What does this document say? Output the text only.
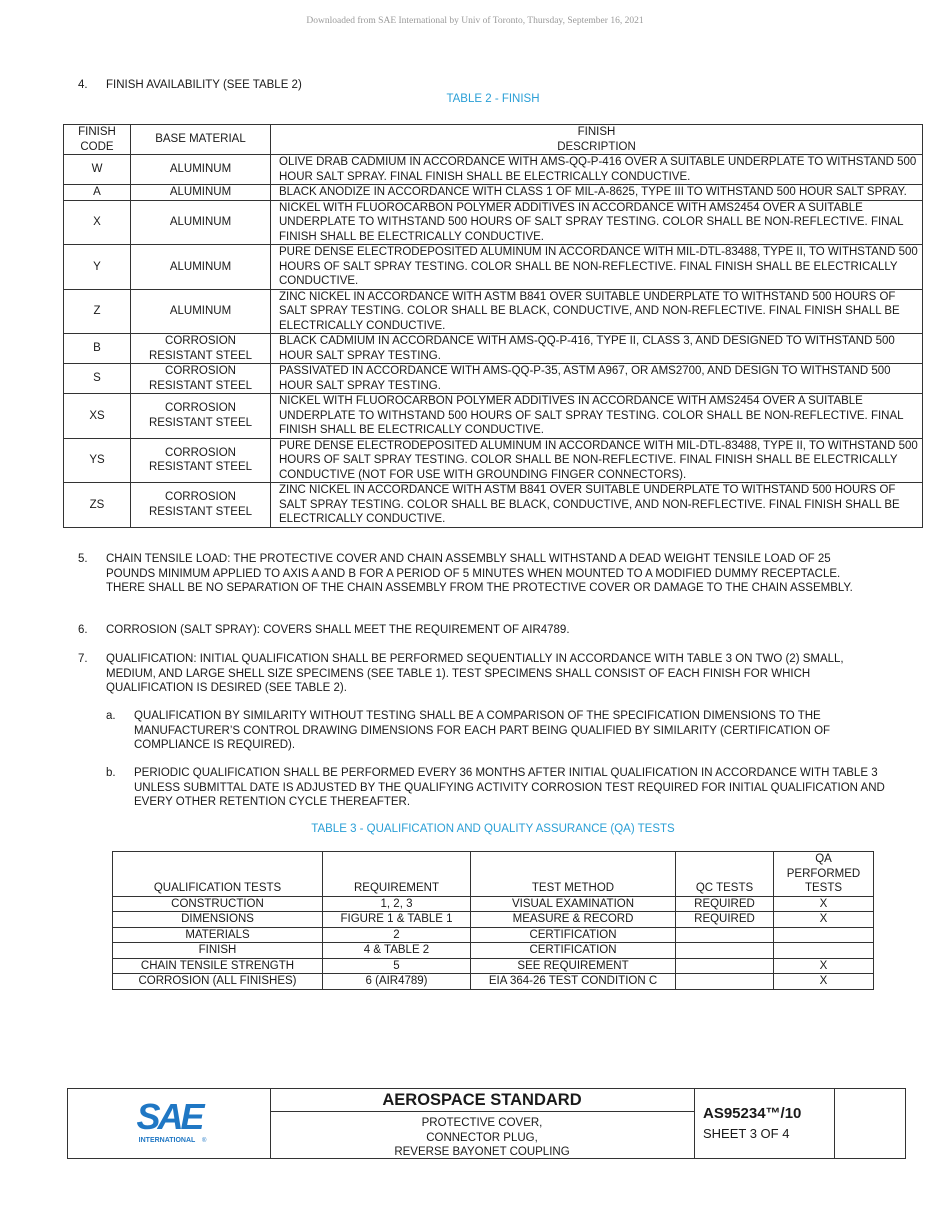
Downloaded from SAE International by Univ of Toronto, Thursday, September 16, 2021
4. FINISH AVAILABILITY (SEE TABLE 2)
TABLE 2 - FINISH
FINISH CODE	BASE MATERIAL	FINISH DESCRIPTION
W	ALUMINUM	OLIVE DRAB CADMIUM IN ACCORDANCE WITH AMS-QQ-P-416 OVER A SUITABLE UNDERPLATE TO WITHSTAND 500 HOUR SALT SPRAY. FINAL FINISH SHALL BE ELECTRICALLY CONDUCTIVE.
A	ALUMINUM	BLACK ANODIZE IN ACCORDANCE WITH CLASS 1 OF MIL-A-8625, TYPE III TO WITHSTAND 500 HOUR SALT SPRAY.
X	ALUMINUM	NICKEL WITH FLUOROCARBON POLYMER ADDITIVES IN ACCORDANCE WITH AMS2454 OVER A SUITABLE UNDERPLATE TO WITHSTAND 500 HOURS OF SALT SPRAY TESTING. COLOR SHALL BE NON-REFLECTIVE. FINAL FINISH SHALL BE ELECTRICALLY CONDUCTIVE.
Y	ALUMINUM	PURE DENSE ELECTRODEPOSITED ALUMINUM IN ACCORDANCE WITH MIL-DTL-83488, TYPE II, TO WITHSTAND 500 HOURS OF SALT SPRAY TESTING. COLOR SHALL BE NON-REFLECTIVE. FINAL FINISH SHALL BE ELECTRICALLY CONDUCTIVE.
Z	ALUMINUM	ZINC NICKEL IN ACCORDANCE WITH ASTM B841 OVER SUITABLE UNDERPLATE TO WITHSTAND 500 HOURS OF SALT SPRAY TESTING. COLOR SHALL BE BLACK, CONDUCTIVE, AND NON-REFLECTIVE. FINAL FINISH SHALL BE ELECTRICALLY CONDUCTIVE.
B	CORROSION RESISTANT STEEL	BLACK CADMIUM IN ACCORDANCE WITH AMS-QQ-P-416, TYPE II, CLASS 3, AND DESIGNED TO WITHSTAND 500 HOUR SALT SPRAY TESTING.
S	CORROSION RESISTANT STEEL	PASSIVATED IN ACCORDANCE WITH AMS-QQ-P-35, ASTM A967, OR AMS2700, AND DESIGN TO WITHSTAND 500 HOUR SALT SPRAY TESTING.
XS	CORROSION RESISTANT STEEL	NICKEL WITH FLUOROCARBON POLYMER ADDITIVES IN ACCORDANCE WITH AMS2454 OVER A SUITABLE UNDERPLATE TO WITHSTAND 500 HOURS OF SALT SPRAY TESTING. COLOR SHALL BE NON-REFLECTIVE. FINAL FINISH SHALL BE ELECTRICALLY CONDUCTIVE.
YS	CORROSION RESISTANT STEEL	PURE DENSE ELECTRODEPOSITED ALUMINUM IN ACCORDANCE WITH MIL-DTL-83488, TYPE II, TO WITHSTAND 500 HOURS OF SALT SPRAY TESTING. COLOR SHALL BE NON-REFLECTIVE. FINAL FINISH SHALL BE ELECTRICALLY CONDUCTIVE (NOT FOR USE WITH GROUNDING FINGER CONNECTORS).
ZS	CORROSION RESISTANT STEEL	ZINC NICKEL IN ACCORDANCE WITH ASTM B841 OVER SUITABLE UNDERPLATE TO WITHSTAND 500 HOURS OF SALT SPRAY TESTING. COLOR SHALL BE BLACK, CONDUCTIVE, AND NON-REFLECTIVE. FINAL FINISH SHALL BE ELECTRICALLY CONDUCTIVE.
5. CHAIN TENSILE LOAD: THE PROTECTIVE COVER AND CHAIN ASSEMBLY SHALL WITHSTAND A DEAD WEIGHT TENSILE LOAD OF 25 POUNDS MINIMUM APPLIED TO AXIS A AND B FOR A PERIOD OF 5 MINUTES WHEN MOUNTED TO A MODIFIED DUMMY RECEPTACLE. THERE SHALL BE NO SEPARATION OF THE CHAIN ASSEMBLY FROM THE PROTECTIVE COVER OR DAMAGE TO THE CHAIN ASSEMBLY.
6. CORROSION (SALT SPRAY): COVERS SHALL MEET THE REQUIREMENT OF AIR4789.
7. QUALIFICATION: INITIAL QUALIFICATION SHALL BE PERFORMED SEQUENTIALLY IN ACCORDANCE WITH TABLE 3 ON TWO (2) SMALL, MEDIUM, AND LARGE SHELL SIZE SPECIMENS (SEE TABLE 1). TEST SPECIMENS SHALL CONSIST OF EACH FINISH FOR WHICH QUALIFICATION IS DESIRED (SEE TABLE 2).
a. QUALIFICATION BY SIMILARITY WITHOUT TESTING SHALL BE A COMPARISON OF THE SPECIFICATION DIMENSIONS TO THE MANUFACTURER’S CONTROL DRAWING DIMENSIONS FOR EACH PART BEING QUALIFIED BY SIMILARITY (CERTIFICATION OF COMPLIANCE IS REQUIRED).
b. PERIODIC QUALIFICATION SHALL BE PERFORMED EVERY 36 MONTHS AFTER INITIAL QUALIFICATION IN ACCORDANCE WITH TABLE 3 UNLESS SUBMITTAL DATE IS ADJUSTED BY THE QUALIFYING ACTIVITY CORROSION TEST REQUIRED FOR INITIAL QUALIFICATION AND EVERY OTHER RETENTION CYCLE THEREAFTER.
TABLE 3 - QUALIFICATION AND QUALITY ASSURANCE (QA) TESTS
QUALIFICATION TESTS	REQUIREMENT	TEST METHOD	QC TESTS	QA PERFORMED TESTS
CONSTRUCTION	1, 2, 3	VISUAL EXAMINATION	REQUIRED	X
DIMENSIONS	FIGURE 1 & TABLE 1	MEASURE & RECORD	REQUIRED	X
MATERIALS	2	CERTIFICATION		
FINISH	4 & TABLE 2	CERTIFICATION		
CHAIN TENSILE STRENGTH	5	SEE REQUIREMENT		X
CORROSION (ALL FINISHES)	6 (AIR4789)	EIA 364-26 TEST CONDITION C		X
SAE
INTERNATIONAL ®
AEROSPACE STANDARD
PROTECTIVE COVER,
CONNECTOR PLUG,
REVERSE BAYONET COUPLING
AS95234™/10
SHEET 3 OF 4
